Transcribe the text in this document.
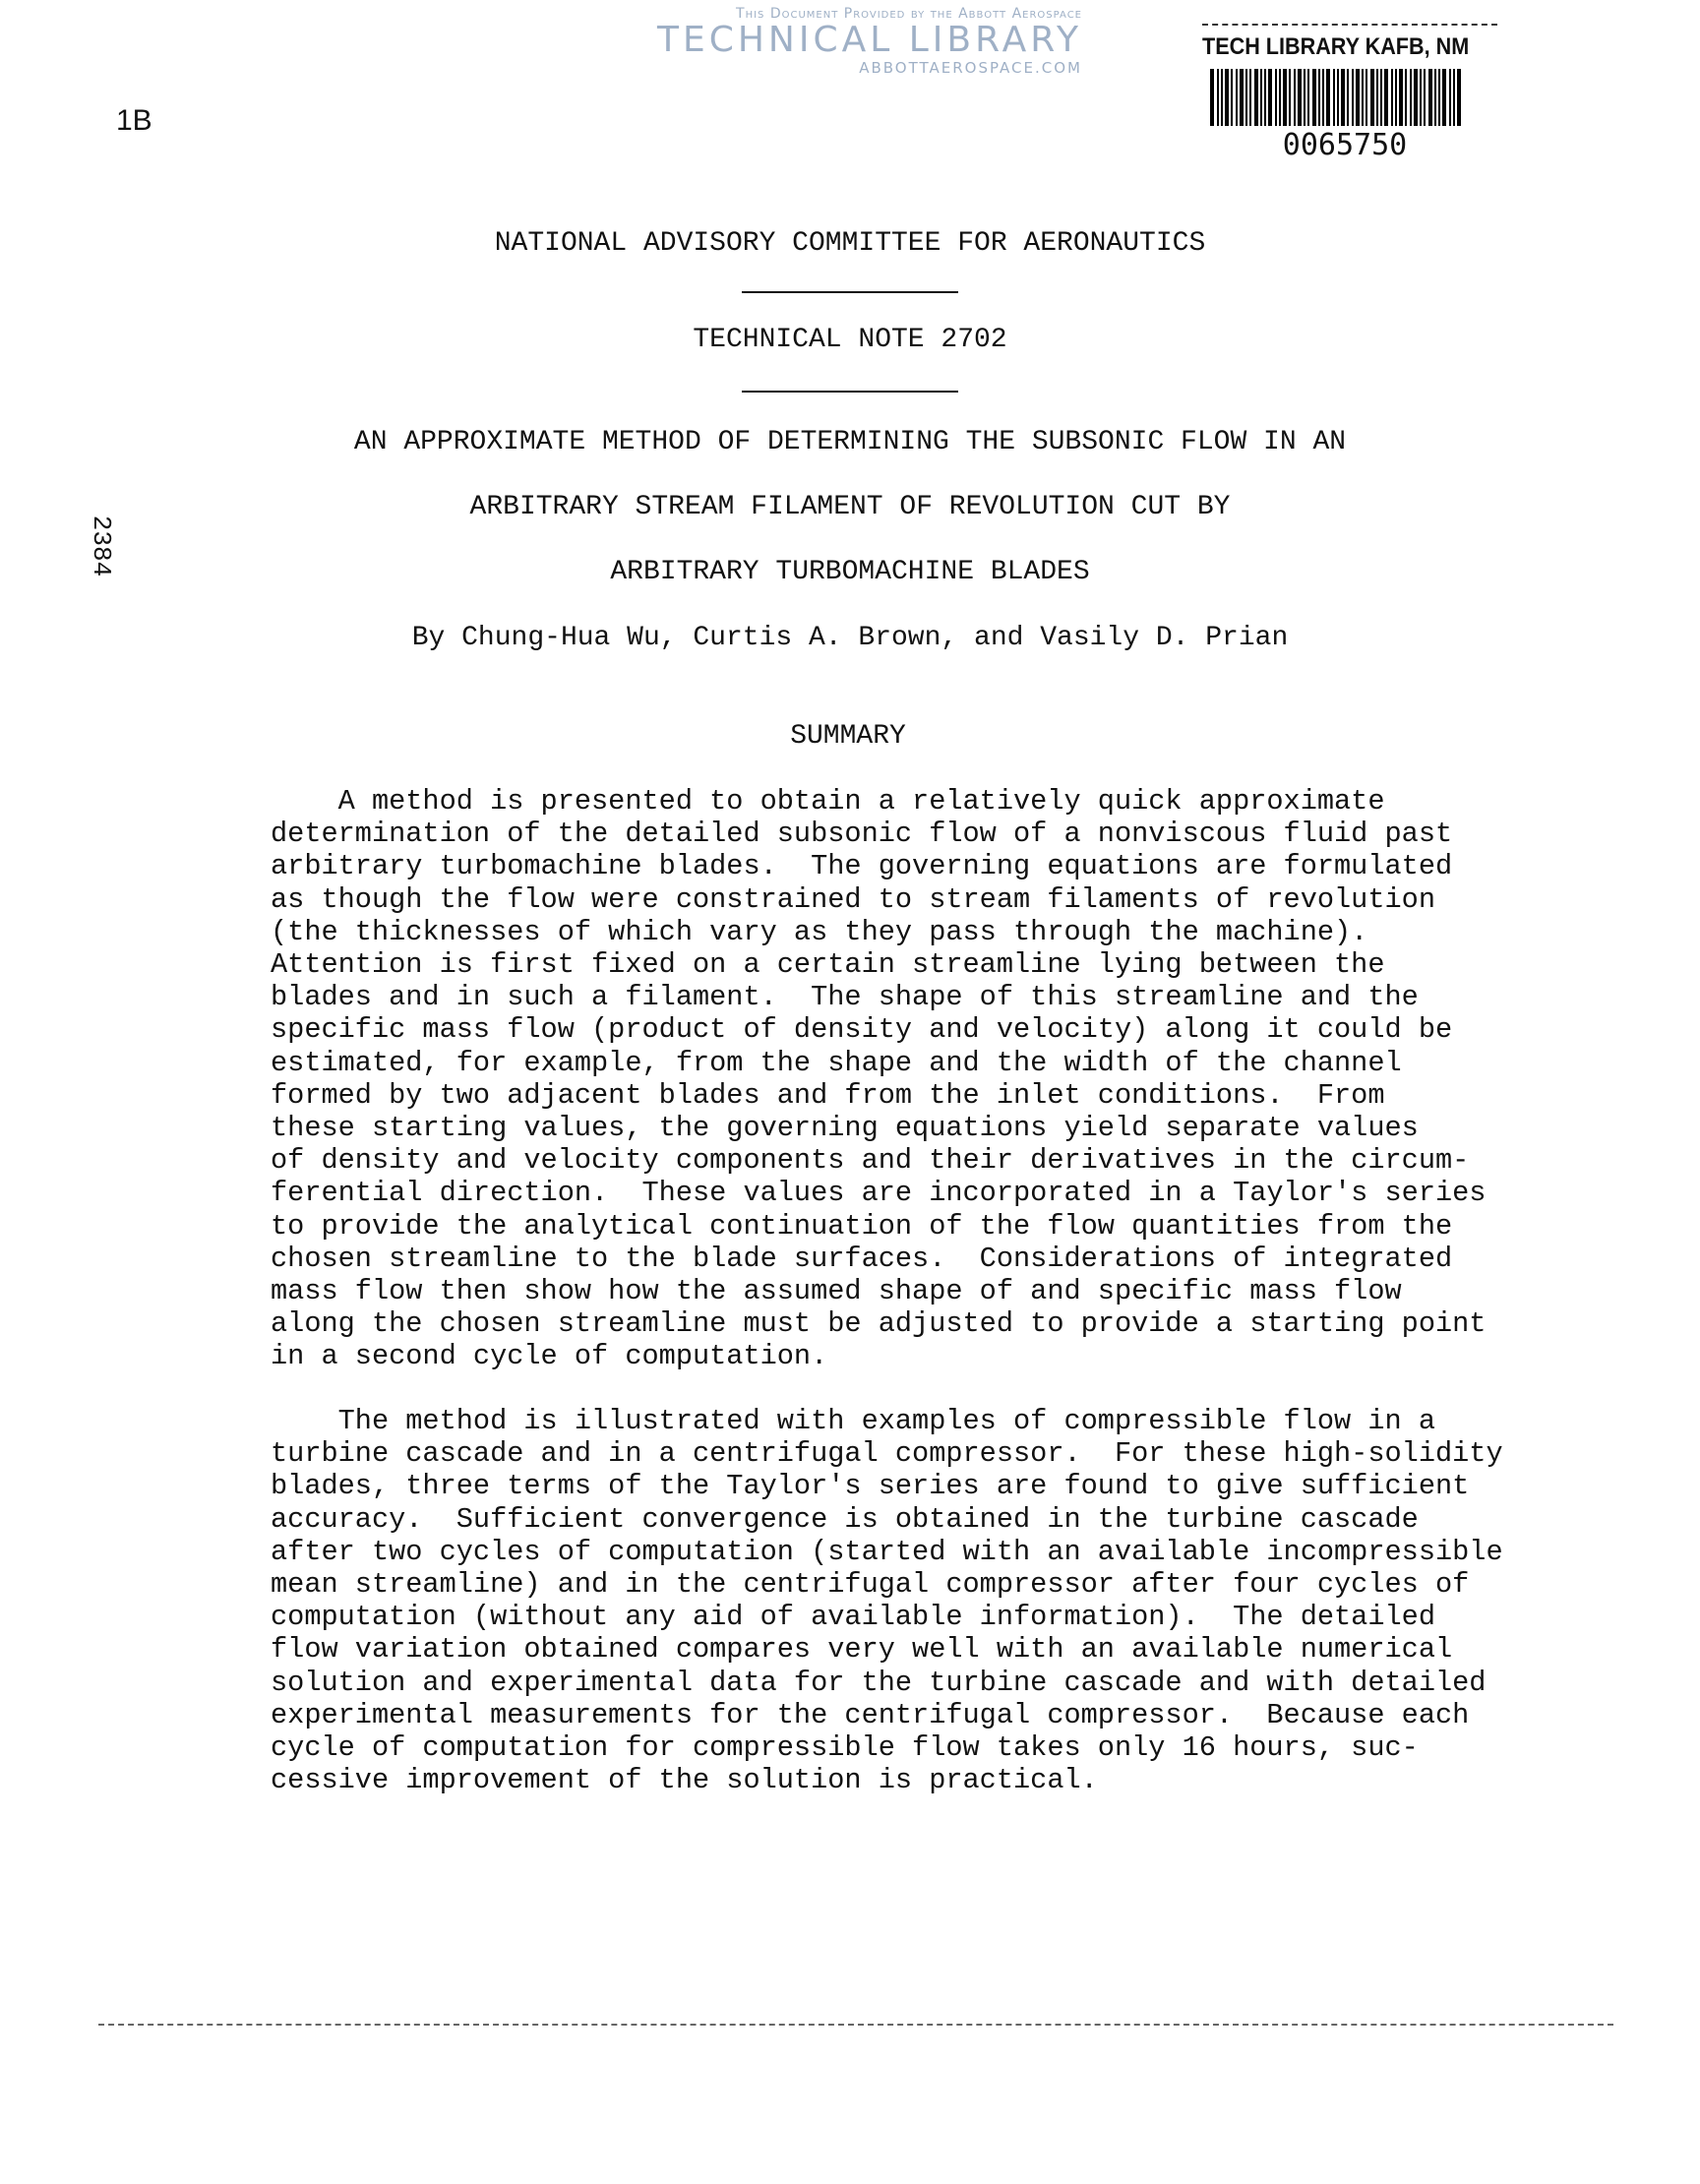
This Document Provided by the Abbott Aerospace
TECHNICAL LIBRARY
ABBOTTAEROSPACE.COM
TECH LIBRARY KAFB, NM
0065750
1B
2384
NATIONAL ADVISORY COMMITTEE FOR AERONAUTICS
TECHNICAL NOTE 2702
AN APPROXIMATE METHOD OF DETERMINING THE SUBSONIC FLOW IN AN
ARBITRARY STREAM FILAMENT OF REVOLUTION CUT BY
ARBITRARY TURBOMACHINE BLADES
By Chung-Hua Wu, Curtis A. Brown, and Vasily D. Prian
SUMMARY
A method is presented to obtain a relatively quick approximate
determination of the detailed subsonic flow of a nonviscous fluid past
arbitrary turbomachine blades.  The governing equations are formulated
as though the flow were constrained to stream filaments of revolution
(the thicknesses of which vary as they pass through the machine).
Attention is first fixed on a certain streamline lying between the
blades and in such a filament.  The shape of this streamline and the
specific mass flow (product of density and velocity) along it could be
estimated, for example, from the shape and the width of the channel
formed by two adjacent blades and from the inlet conditions.  From
these starting values, the governing equations yield separate values
of density and velocity components and their derivatives in the circum-
ferential direction.  These values are incorporated in a Taylor's series
to provide the analytical continuation of the flow quantities from the
chosen streamline to the blade surfaces.  Considerations of integrated
mass flow then show how the assumed shape of and specific mass flow
along the chosen streamline must be adjusted to provide a starting point
in a second cycle of computation.
The method is illustrated with examples of compressible flow in a
turbine cascade and in a centrifugal compressor.  For these high-solidity
blades, three terms of the Taylor's series are found to give sufficient
accuracy.  Sufficient convergence is obtained in the turbine cascade
after two cycles of computation (started with an available incompressible
mean streamline) and in the centrifugal compressor after four cycles of
computation (without any aid of available information).  The detailed
flow variation obtained compares very well with an available numerical
solution and experimental data for the turbine cascade and with detailed
experimental measurements for the centrifugal compressor.  Because each
cycle of computation for compressible flow takes only 16 hours, suc-
cessive improvement of the solution is practical.
